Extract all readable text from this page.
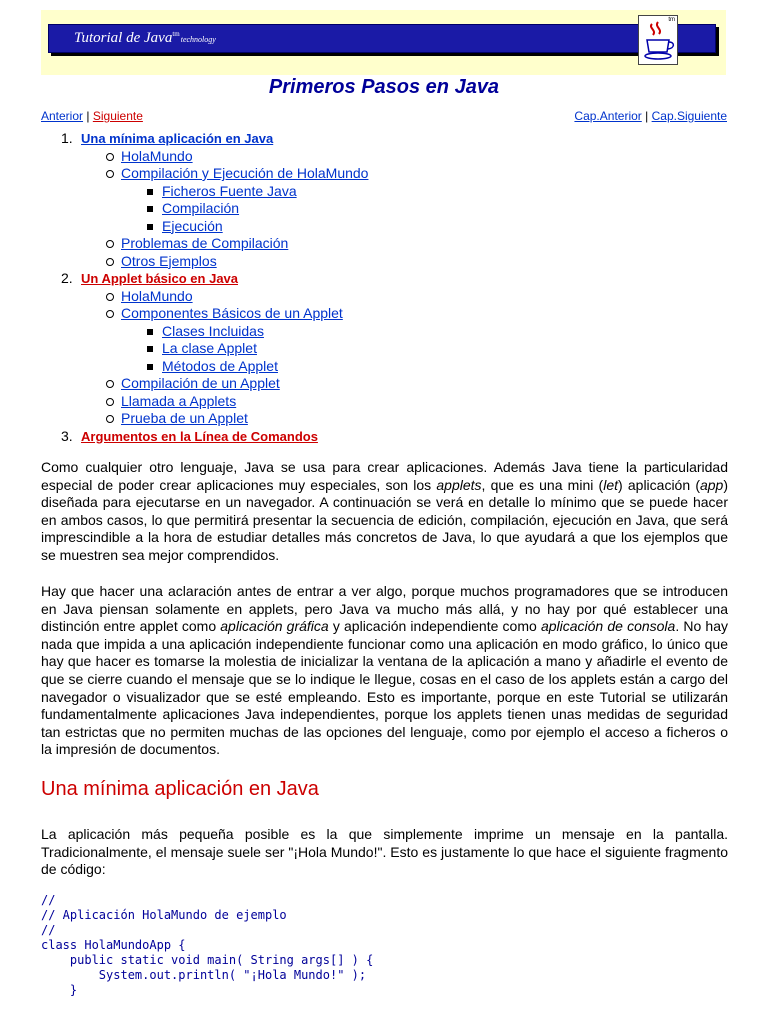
Tutorial de Java$^{tm}$technology
tm
Primeros Pasos en Java
Anterior | Siguiente	Cap.Anterior | Cap.Siguiente
1. Una mínima aplicación en Java
HolaMundo
Compilación y Ejecución de HolaMundo
Ficheros Fuente Java
Compilación
Ejecución
Problemas de Compilación
Otros Ejemplos
2. Un Applet básico en Java
HolaMundo
Componentes Básicos de un Applet
Clases Incluidas
La clase Applet
Métodos de Applet
Compilación de un Applet
Llamada a Applets
Prueba de un Applet
3. Argumentos en la Línea de Comandos

Como cualquier otro lenguaje, Java se usa para crear aplicaciones. Además Java tiene la particularidad especial de poder crear aplicaciones muy especiales, son los applets, que es una mini (let) aplicación (app) diseñada para ejecutarse en un navegador. A continuación se verá en detalle lo mínimo que se puede hacer en ambos casos, lo que permitirá presentar la secuencia de edición, compilación, ejecución en Java, que será imprescindible a la hora de estudiar detalles más concretos de Java, lo que ayudará a que los ejemplos que se muestren sea mejor comprendidos.

Hay que hacer una aclaración antes de entrar a ver algo, porque muchos programadores que se introducen en Java piensan solamente en applets, pero Java va mucho más allá, y no hay por qué establecer una distinción entre applet como aplicación gráfica y aplicación independiente como aplicación de consola. No hay nada que impida a una aplicación independiente funcionar como una aplicación en modo gráfico, lo único que hay que hacer es tomarse la molestia de inicializar la ventana de la aplicación a mano y añadirle el evento de que se cierre cuando el mensaje que se lo indique le llegue, cosas en el caso de los applets están a cargo del navegador o visualizador que se esté empleando. Esto es importante, porque en este Tutorial se utilizarán fundamentalmente aplicaciones Java independientes, porque los applets tienen unas medidas de seguridad tan estrictas que no permiten muchas de las opciones del lenguaje, como por ejemplo el acceso a ficheros o la impresión de documentos.

Una mínima aplicación en Java

La aplicación más pequeña posible es la que simplemente imprime un mensaje en la pantalla. Tradicionalmente, el mensaje suele ser "¡Hola Mundo!". Esto es justamente lo que hace el siguiente fragmento de código:

//
// Aplicación HolaMundo de ejemplo
//
class HolaMundoApp {
public static void main( String args[] ) {
System.out.println( "¡Hola Mundo!" );
}
